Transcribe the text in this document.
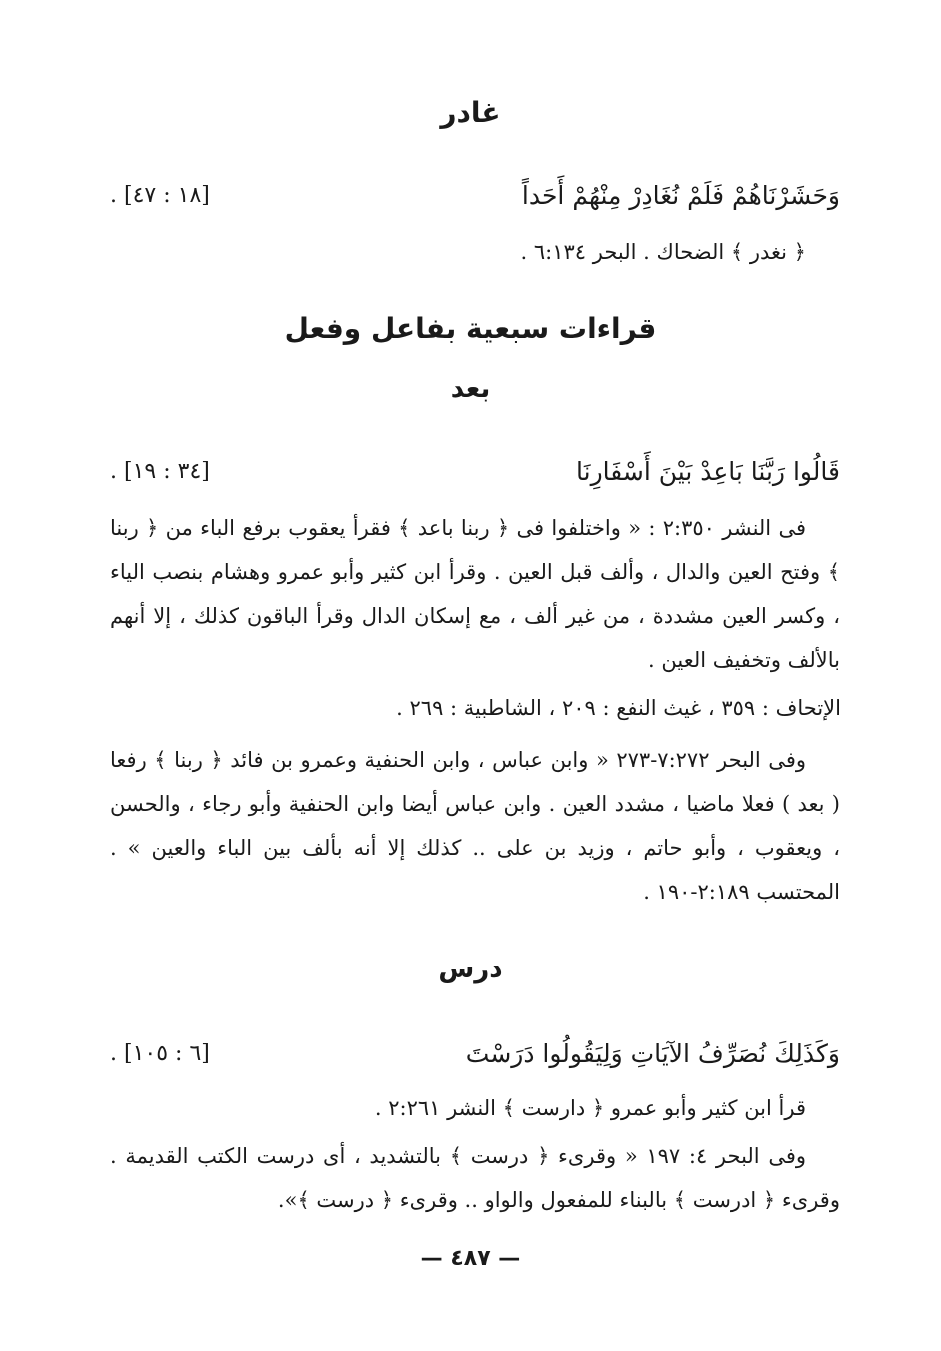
غادر
وَحَشَرْنَاهُمْ فَلَمْ نُغَادِرْ مِنْهُمْ أَحَداً
[١٨ : ٤٧] .

﴿ نغدر ﴾ الضحاك . البحر ٦:١٣٤ .

قراءات سبعية بفاعل وفعل
بعد
قَالُوا رَبَّنَا بَاعِدْ بَيْنَ أَسْفَارِنَا
[٣٤ : ١٩] .

فى النشر ٢:٣٥٠ : « واختلفوا فى ﴿ ربنا باعد ﴾ فقرأ يعقوب برفع الباء من ﴿ ربنا ﴾ وفتح العين والدال ، وألف قبل العين . وقرأ ابن كثير وأبو عمرو وهشام بنصب الياء ، وكسر العين مشددة ، من غير ألف ، مع إسكان الدال وقرأ الباقون كذلك ، إلا أنهم بالألف وتخفيف العين .

الإتحاف : ٣٥٩ ، غيث النفع : ٢٠٩ ، الشاطبية : ٢٦٩ .

وفى البحر ٧:٢٧٢-٢٧٣ « وابن عباس ، وابن الحنفية وعمرو بن فائد ﴿ ربنا ﴾ رفعا ( بعد ) فعلا ماضيا ، مشدد العين . وابن عباس أيضا وابن الحنفية وأبو رجاء ، والحسن ، ويعقوب ، وأبو حاتم ، وزيد بن على .. كذلك إلا أنه بألف بين الباء والعين » . المحتسب ٢:١٨٩-١٩٠ .

درس
وَكَذَلِكَ نُصَرِّفُ الآيَاتِ وَلِيَقُولُوا دَرَسْتَ
[٦ : ١٠٥] .

قرأ ابن كثير وأبو عمرو ﴿ دارست ﴾ النشر ٢:٢٦١ .

وفى البحر ٤: ١٩٧ « وقرىء ﴿ درست ﴾ بالتشديد ، أى درست الكتب القديمة . وقرىء ﴿ ادرست ﴾ بالبناء للمفعول والواو .. وقرىء ﴿ درست ﴾».

— ٤٨٧ —
